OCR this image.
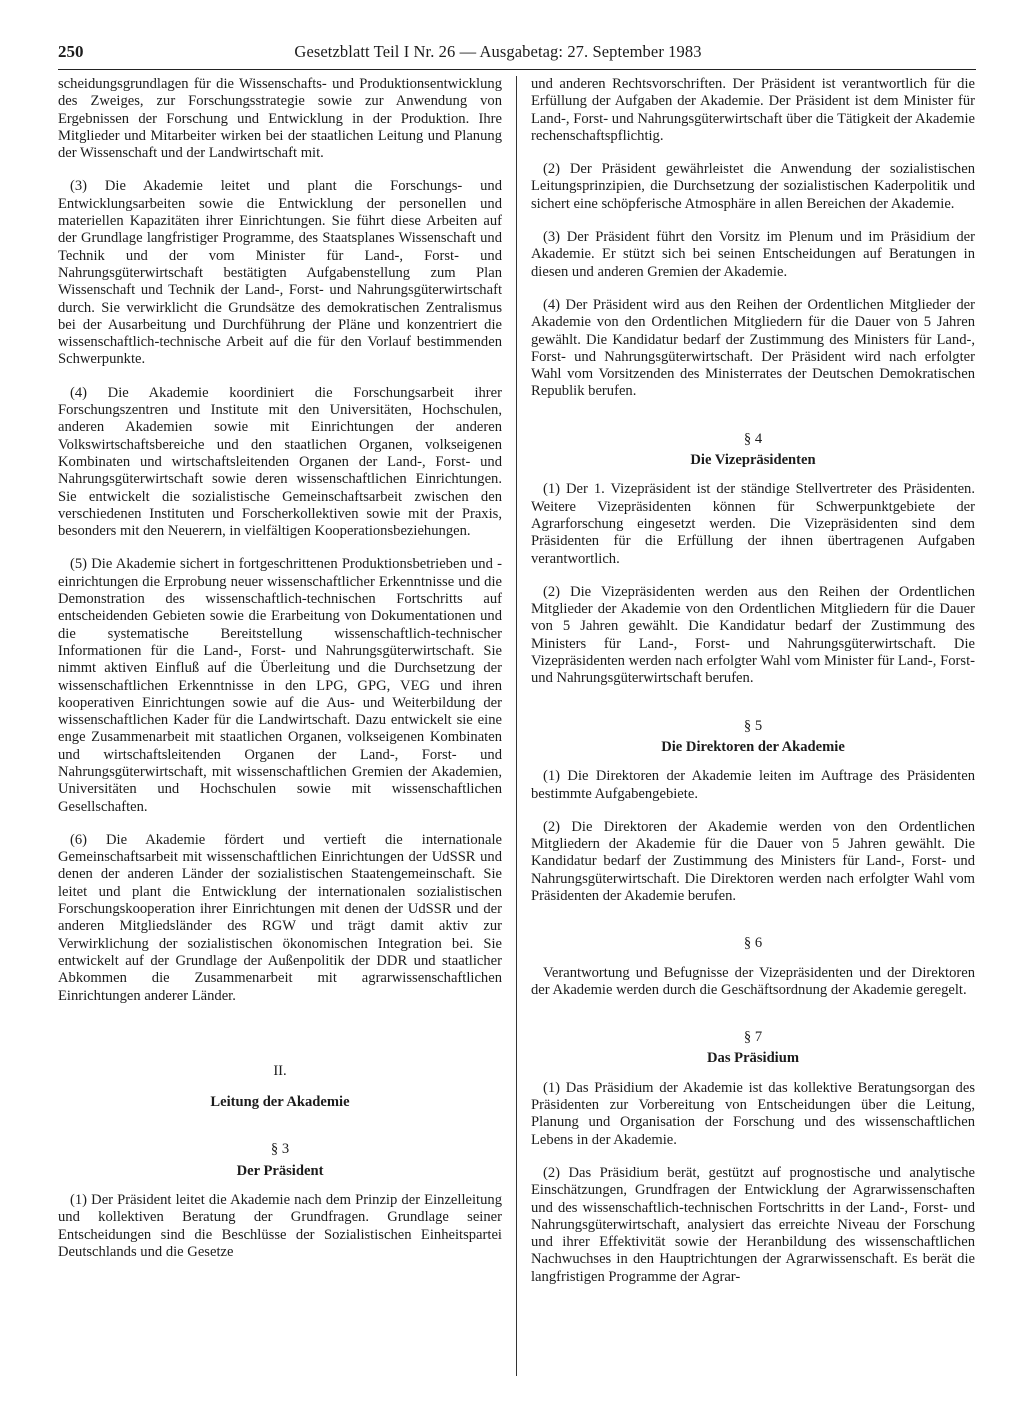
250	Gesetzblatt Teil I Nr. 26 — Ausgabetag: 27. September 1983

scheidungsgrundlagen für die Wissenschafts- und Produktionsentwicklung des Zweiges, zur Forschungsstrategie sowie zur Anwendung von Ergebnissen der Forschung und Entwicklung in der Produktion. Ihre Mitglieder und Mitarbeiter wirken bei der staatlichen Leitung und Planung der Wissenschaft und der Landwirtschaft mit.

(3) Die Akademie leitet und plant die Forschungs- und Entwicklungsarbeiten sowie die Entwicklung der personellen und materiellen Kapazitäten ihrer Einrichtungen. Sie führt diese Arbeiten auf der Grundlage langfristiger Programme, des Staatsplanes Wissenschaft und Technik und der vom Minister für Land-, Forst- und Nahrungsgüterwirtschaft bestätigten Aufgabenstellung zum Plan Wissenschaft und Technik der Land-, Forst- und Nahrungsgüterwirtschaft durch. Sie verwirklicht die Grundsätze des demokratischen Zentralismus bei der Ausarbeitung und Durchführung der Pläne und konzentriert die wissenschaftlich-technische Arbeit auf die für den Vorlauf bestimmenden Schwerpunkte.

(4) Die Akademie koordiniert die Forschungsarbeit ihrer Forschungszentren und Institute mit den Universitäten, Hochschulen, anderen Akademien sowie mit Einrichtungen der anderen Volkswirtschaftsbereiche und den staatlichen Organen, volkseigenen Kombinaten und wirtschaftsleitenden Organen der Land-, Forst- und Nahrungsgüterwirtschaft sowie deren wissenschaftlichen Einrichtungen. Sie entwickelt die sozialistische Gemeinschaftsarbeit zwischen den verschiedenen Instituten und Forscherkollektiven sowie mit der Praxis, besonders mit den Neuerern, in vielfältigen Kooperationsbeziehungen.

(5) Die Akademie sichert in fortgeschrittenen Produktionsbetrieben und -einrichtungen die Erprobung neuer wissenschaftlicher Erkenntnisse und die Demonstration des wissenschaftlich-technischen Fortschritts auf entscheidenden Gebieten sowie die Erarbeitung von Dokumentationen und die systematische Bereitstellung wissenschaftlich-technischer Informationen für die Land-, Forst- und Nahrungsgüterwirtschaft. Sie nimmt aktiven Einfluß auf die Überleitung und die Durchsetzung der wissenschaftlichen Erkenntnisse in den LPG, GPG, VEG und ihren kooperativen Einrichtungen sowie auf die Aus- und Weiterbildung der wissenschaftlichen Kader für die Landwirtschaft. Dazu entwickelt sie eine enge Zusammenarbeit mit staatlichen Organen, volkseigenen Kombinaten und wirtschaftsleitenden Organen der Land-, Forst- und Nahrungsgüterwirtschaft, mit wissenschaftlichen Gremien der Akademien, Universitäten und Hochschulen sowie mit wissenschaftlichen Gesellschaften.

(6) Die Akademie fördert und vertieft die internationale Gemeinschaftsarbeit mit wissenschaftlichen Einrichtungen der UdSSR und denen der anderen Länder der sozialistischen Staatengemeinschaft. Sie leitet und plant die Entwicklung der internationalen sozialistischen Forschungskooperation ihrer Einrichtungen mit denen der UdSSR und der anderen Mitgliedsländer des RGW und trägt damit aktiv zur Verwirklichung der sozialistischen ökonomischen Integration bei. Sie entwickelt auf der Grundlage der Außenpolitik der DDR und staatlicher Abkommen die Zusammenarbeit mit agrarwissenschaftlichen Einrichtungen anderer Länder.

II.
Leitung der Akademie
§ 3
Der Präsident

(1) Der Präsident leitet die Akademie nach dem Prinzip der Einzelleitung und kollektiven Beratung der Grundfragen. Grundlage seiner Entscheidungen sind die Beschlüsse der Sozialistischen Einheitspartei Deutschlands und die Gesetze

und anderen Rechtsvorschriften. Der Präsident ist verantwortlich für die Erfüllung der Aufgaben der Akademie. Der Präsident ist dem Minister für Land-, Forst- und Nahrungsgüterwirtschaft über die Tätigkeit der Akademie rechenschaftspflichtig.

(2) Der Präsident gewährleistet die Anwendung der sozialistischen Leitungsprinzipien, die Durchsetzung der sozialistischen Kaderpolitik und sichert eine schöpferische Atmosphäre in allen Bereichen der Akademie.

(3) Der Präsident führt den Vorsitz im Plenum und im Präsidium der Akademie. Er stützt sich bei seinen Entscheidungen auf Beratungen in diesen und anderen Gremien der Akademie.

(4) Der Präsident wird aus den Reihen der Ordentlichen Mitglieder der Akademie von den Ordentlichen Mitgliedern für die Dauer von 5 Jahren gewählt. Die Kandidatur bedarf der Zustimmung des Ministers für Land-, Forst- und Nahrungsgüterwirtschaft. Der Präsident wird nach erfolgter Wahl vom Vorsitzenden des Ministerrates der Deutschen Demokratischen Republik berufen.

§ 4
Die Vizepräsidenten

(1) Der 1. Vizepräsident ist der ständige Stellvertreter des Präsidenten. Weitere Vizepräsidenten können für Schwerpunktgebiete der Agrarforschung eingesetzt werden. Die Vizepräsidenten sind dem Präsidenten für die Erfüllung der ihnen übertragenen Aufgaben verantwortlich.

(2) Die Vizepräsidenten werden aus den Reihen der Ordentlichen Mitglieder der Akademie von den Ordentlichen Mitgliedern für die Dauer von 5 Jahren gewählt. Die Kandidatur bedarf der Zustimmung des Ministers für Land-, Forst- und Nahrungsgüterwirtschaft. Die Vizepräsidenten werden nach erfolgter Wahl vom Minister für Land-, Forst- und Nahrungsgüterwirtschaft berufen.

§ 5
Die Direktoren der Akademie

(1) Die Direktoren der Akademie leiten im Auftrage des Präsidenten bestimmte Aufgabengebiete.

(2) Die Direktoren der Akademie werden von den Ordentlichen Mitgliedern der Akademie für die Dauer von 5 Jahren gewählt. Die Kandidatur bedarf der Zustimmung des Ministers für Land-, Forst- und Nahrungsgüterwirtschaft. Die Direktoren werden nach erfolgter Wahl vom Präsidenten der Akademie berufen.

§ 6

Verantwortung und Befugnisse der Vizepräsidenten und der Direktoren der Akademie werden durch die Geschäftsordnung der Akademie geregelt.

§ 7
Das Präsidium

(1) Das Präsidium der Akademie ist das kollektive Beratungsorgan des Präsidenten zur Vorbereitung von Entscheidungen über die Leitung, Planung und Organisation der Forschung und des wissenschaftlichen Lebens in der Akademie.

(2) Das Präsidium berät, gestützt auf prognostische und analytische Einschätzungen, Grundfragen der Entwicklung der Agrarwissenschaften und des wissenschaftlich-technischen Fortschritts in der Land-, Forst- und Nahrungsgüterwirtschaft, analysiert das erreichte Niveau der Forschung und ihrer Effektivität sowie der Heranbildung des wissenschaftlichen Nachwuchses in den Hauptrichtungen der Agrarwissenschaft. Es berät die langfristigen Programme der Agrar-
